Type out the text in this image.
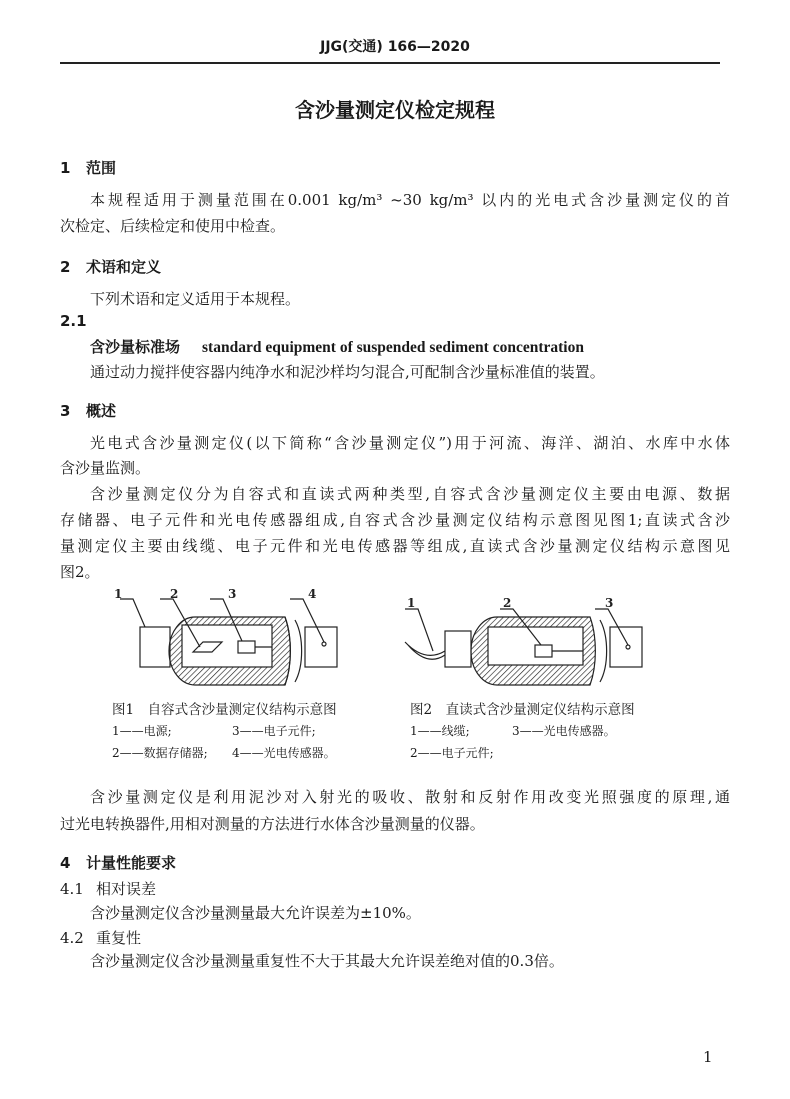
JJG(交通) 166—2020
含沙量测定仪检定规程
1 范围
本规程适用于测量范围在0.001 kg/m³ ~30 kg/m³ 以内的光电式含沙量测定仪的首
次检定、后续检定和使用中检查。
2 术语和定义
下列术语和定义适用于本规程。
2.1
含沙量标准场 standard equipment of suspended sediment concentration
通过动力搅拌使容器内纯净水和泥沙样均匀混合,可配制含沙量标准值的装置。
3 概述
光电式含沙量测定仪(以下简称“含沙量测定仪”)用于河流、海洋、湖泊、水库中水体
含沙量监测。
含沙量测定仪分为自容式和直读式两种类型,自容式含沙量测定仪主要由电源、数据
存储器、电子元件和光电传感器组成,自容式含沙量测定仪结构示意图见图1;直读式含沙
量测定仪主要由线缆、电子元件和光电传感器等组成,直读式含沙量测定仪结构示意图见
图2。
1	2	3	4
1	2	3
图1　自容式含沙量测定仪结构示意图
1——电源;	3——电子元件;
2——数据存储器; 4——光电传感器。
图2　直读式含沙量测定仪结构示意图
1——线缆;	3——光电传感器。
2——电子元件;
含沙量测定仪是利用泥沙对入射光的吸收、散射和反射作用改变光照强度的原理,通
过光电转换器件,用相对测量的方法进行水体含沙量测量的仪器。
4 计量性能要求
4.1 相对误差
含沙量测定仪含沙量测量最大允许误差为±10%。
4.2 重复性
含沙量测定仪含沙量测量重复性不大于其最大允许误差绝对值的0.3倍。
1
